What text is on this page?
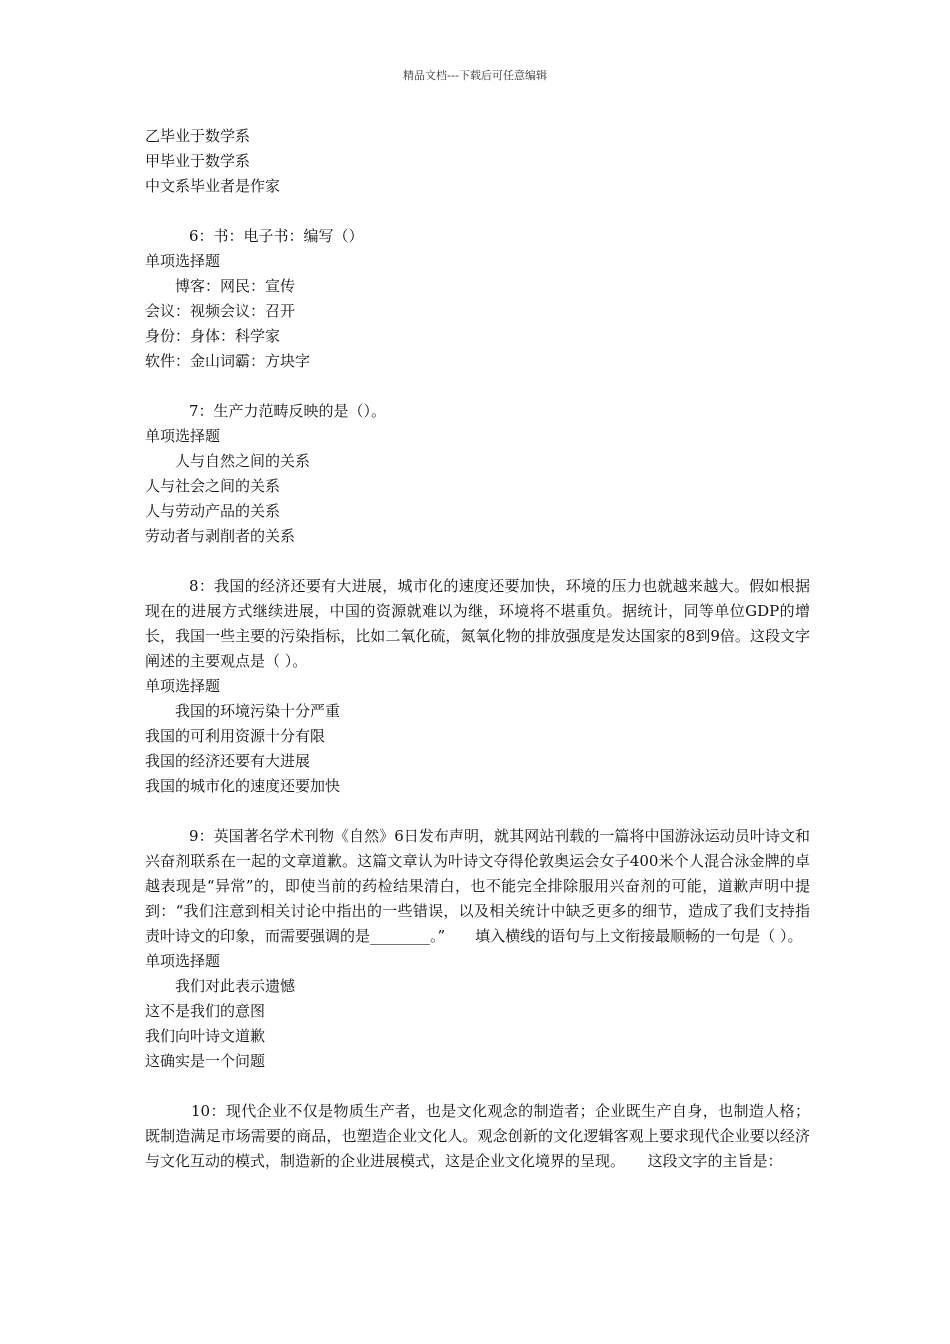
精品文档---下载后可任意编辑
乙毕业于数学系
甲毕业于数学系
中文系毕业者是作家
6：书：电子书：编写（）
单项选择题
博客：网民：宣传
会议：视频会议：召开
身份：身体：科学家
软件：金山词霸：方块字
7：生产力范畴反映的是（）。
单项选择题
人与自然之间的关系
人与社会之间的关系
人与劳动产品的关系
劳动者与剥削者的关系
8：我国的经济还要有大进展，城市化的速度还要加快，环境的压力也就越来越大。假如根据现在的进展方式继续进展，中国的资源就难以为继，环境将不堪重负。据统计，同等单位GDP的增长，我国一些主要的污染指标，比如二氧化硫，氮氧化物的排放强度是发达国家的8到9倍。这段文字阐述的主要观点是（ ）。
单项选择题
我国的环境污染十分严重
我国的可利用资源十分有限
我国的经济还要有大进展
我国的城市化的速度还要加快
9：英国著名学术刊物《自然》6日发布声明，就其网站刊载的一篇将中国游泳运动员叶诗文和兴奋剂联系在一起的文章道歉。这篇文章认为叶诗文夺得伦敦奥运会女子400米个人混合泳金牌的卓越表现是“异常”的，即使当前的药检结果清白，也不能完全排除服用兴奋剂的可能，道歉声明中提到：“我们注意到相关讨论中指出的一些错误，以及相关统计中缺乏更多的细节，造成了我们支持指责叶诗文的印象，而需要强调的是________。”　　填入横线的语句与上文衔接最顺畅的一句是（ ）。
单项选择题
我们对此表示遗憾
这不是我们的意图
我们向叶诗文道歉
这确实是一个问题
10：现代企业不仅是物质生产者，也是文化观念的制造者；企业既生产自身，也制造人格；既制造满足市场需要的商品，也塑造企业文化人。观念创新的文化逻辑客观上要求现代企业要以经济与文化互动的模式，制造新的企业进展模式，这是企业文化境界的呈现。　　这段文字的主旨是：
